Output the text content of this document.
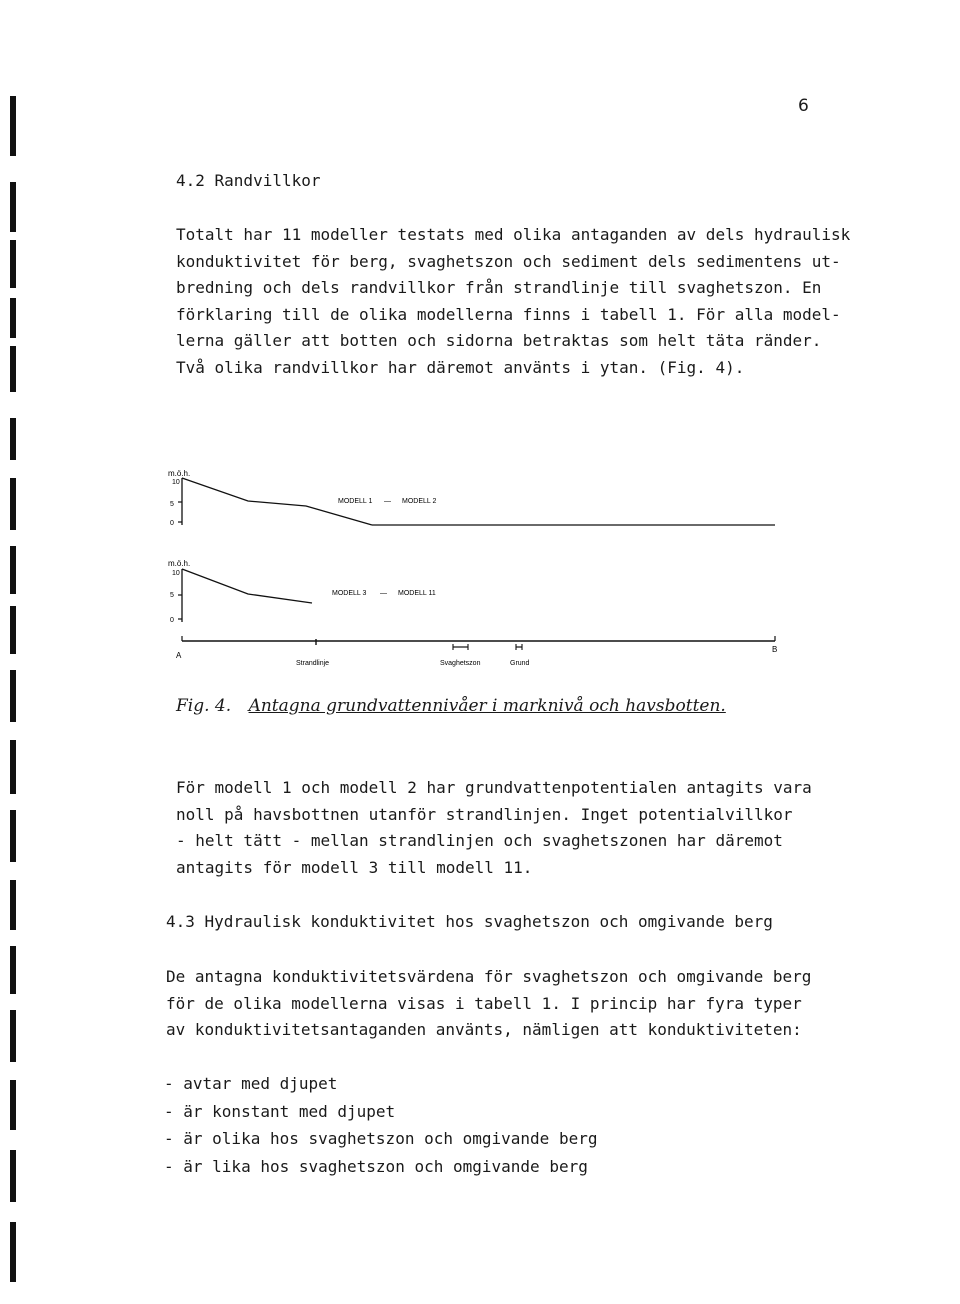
6
4.2 Randvillkor
Totalt har 11 modeller testats med olika antaganden av dels hydraulisk
konduktivitet för berg, svaghetszon och sediment dels sedimentens ut-
bredning och dels randvillkor från strandlinje till svaghetszon. En
förklaring till de olika modellerna finns i tabell 1. För alla model-
lerna gäller att botten och sidorna betraktas som helt täta ränder.
Två olika randvillkor har däremot använts i ytan. (Fig. 4).
m.ö.h.
10
5
0
MODELL 1 — MODELL 2
m.ö.h.
10
5
0
MODELL 3 — MODELL 11
A
B
Strandlinje	Svaghetszon	Grund
Fig. 4. Antagna grundvattennivåer i marknivå och havsbotten.
För modell 1 och modell 2 har grundvattenpotentialen antagits vara
noll på havsbottnen utanför strandlinjen. Inget potentialvillkor
- helt tätt - mellan strandlinjen och svaghetszonen har däremot
antagits för modell 3 till modell 11.
4.3 Hydraulisk konduktivitet hos svaghetszon och omgivande berg
De antagna konduktivitetsvärdena för svaghetszon och omgivande berg
för de olika modellerna visas i tabell 1. I princip har fyra typer
av konduktivitetsantaganden använts, nämligen att konduktiviteten:
- avtar med djupet
- är konstant med djupet
- är olika hos svaghetszon och omgivande berg
- är lika hos svaghetszon och omgivande berg
